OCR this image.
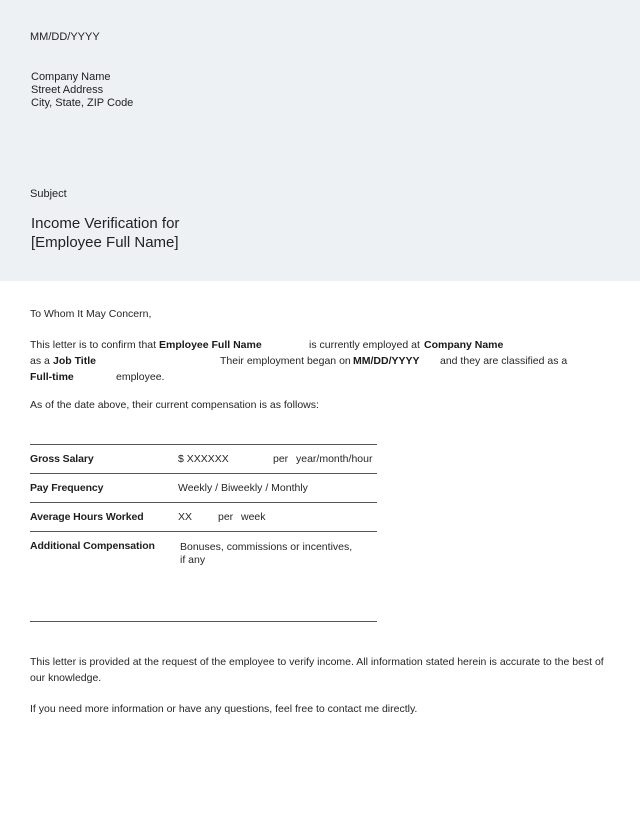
MM/DD/YYYY
Company Name
Street Address
City, State, ZIP Code
Subject
Income Verification for
[Employee Full Name]
To Whom It May Concern,
This letter is to confirm that Employee Full Name	is currently employed at Company Name
as a Job Title	Their employment began on MM/DD/YYYY and they are classified as a
Full-time	employee.
As of the date above, their current compensation is as follows:
Gross Salary	$ XXXXXX	per year/month/hour
Pay Frequency	Weekly / Biweekly / Monthly
Average Hours Worked	XX per week
Additional Compensation Bonuses, commissions or incentives,
if any
This letter is provided at the request of the employee to verify income. All information stated herein is accurate to the best of our knowledge.
If you need more information or have any questions, feel free to contact me directly.
